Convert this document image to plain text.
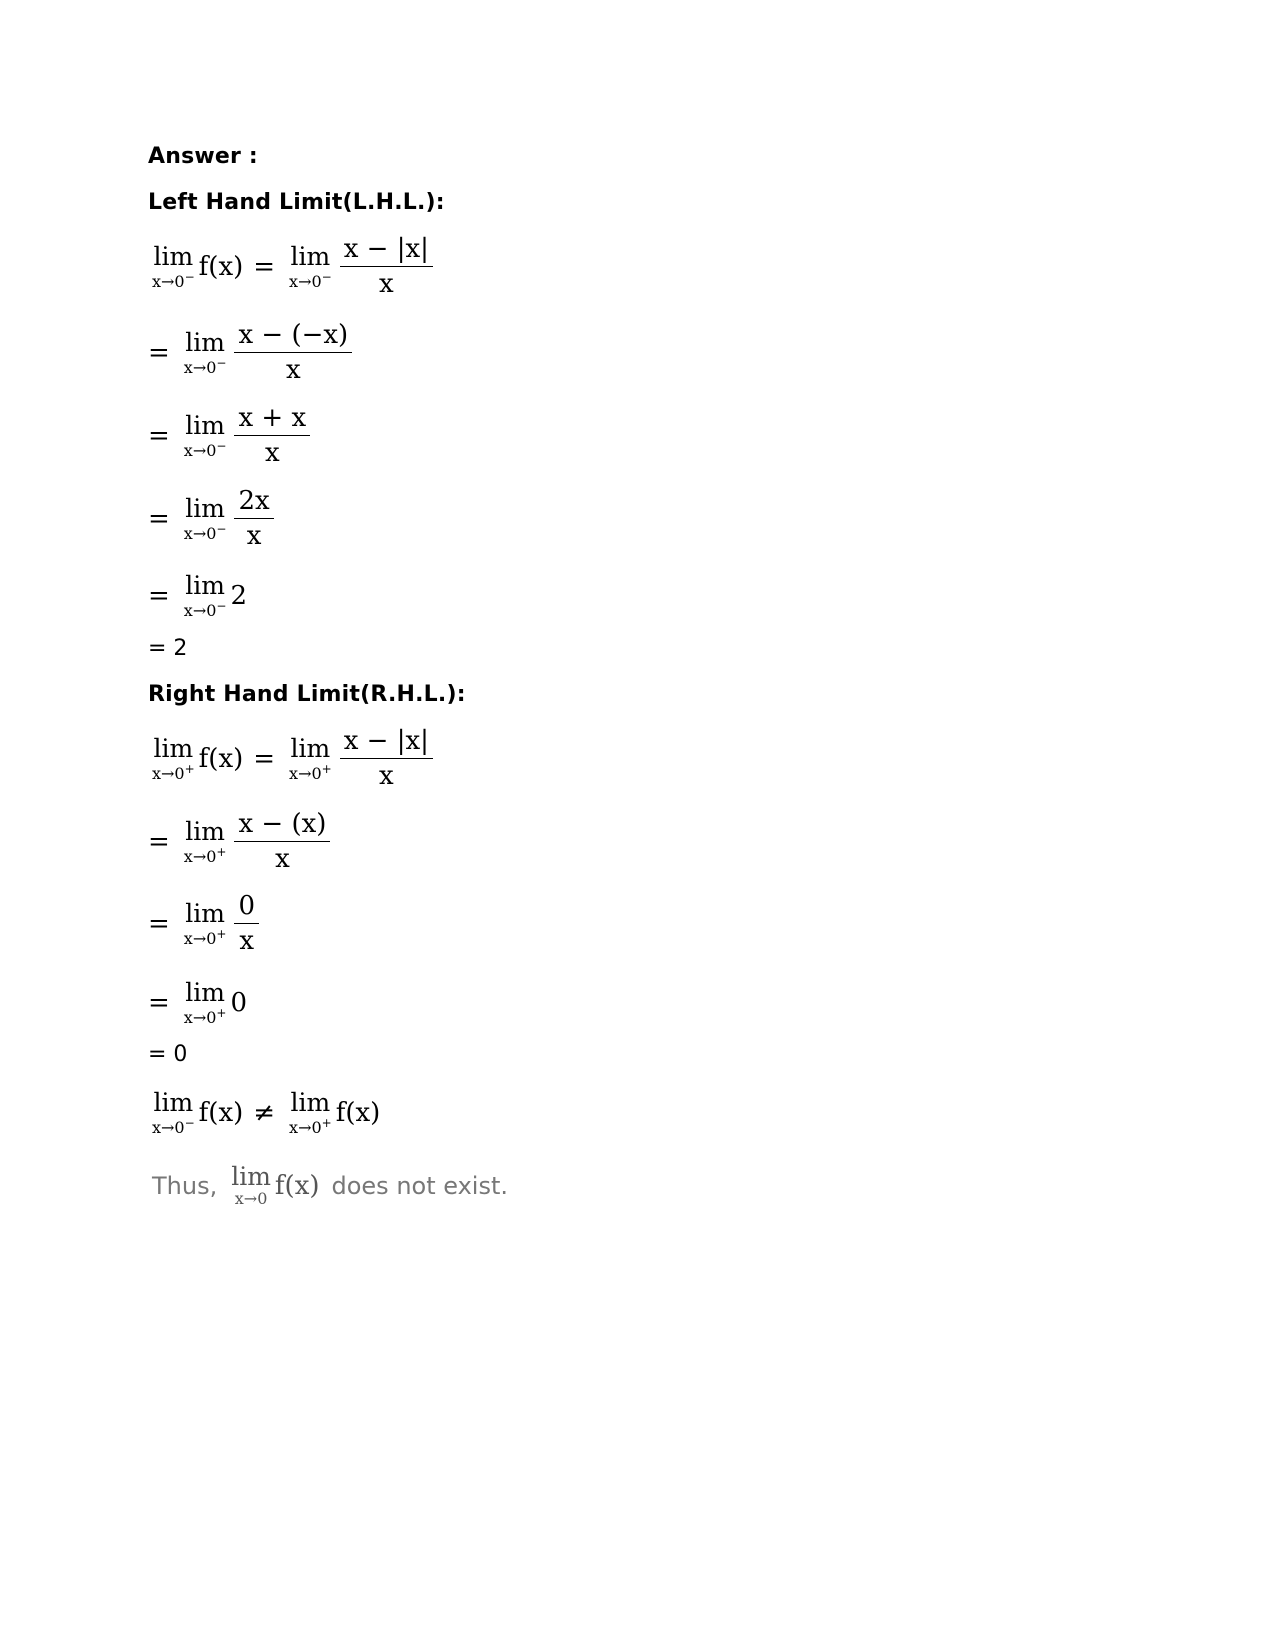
Answer :
Left Hand Limit(L.H.L.):
lim
x→0− f(x) = lim
$x\to 0^- \frac{x - |x|}{x}$
= lim
$x\to 0^- \frac{x - (-x)}{x}$
= lim
$x\to 0^- \frac{x + x}{x}$
= lim
$x\to 0^- \frac{2x}{x}$
= lim
x→0− 2
= 2
Right Hand Limit(R.H.L.):
lim
x→0+ f(x) = lim
$x\to 0^+ \frac{x - |x|}{x}$
= lim
$x\to 0^+ \frac{x - (x)}{x}$
= lim
$x\to 0^+ \frac{0}{x}$
= lim
x→0+ 0
= 0
lim
x→0− f(x) ≠ lim
x→0+ f(x)
Thus, lim
x→0 f(x) does not exist.
